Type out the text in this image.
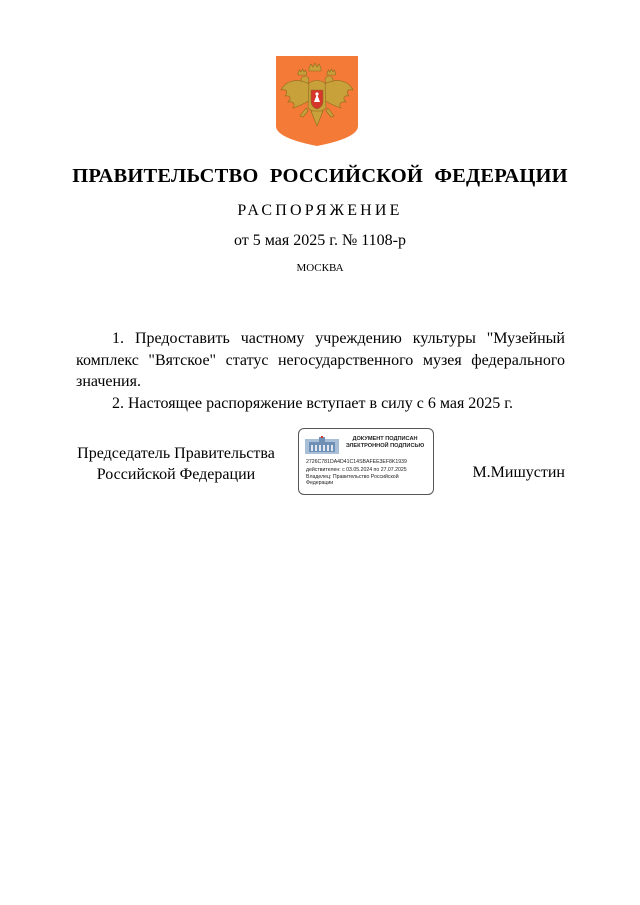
ПРАВИТЕЛЬСТВО РОССИЙСКОЙ ФЕДЕРАЦИИ
РАСПОРЯЖЕНИЕ
от 5 мая 2025 г. № 1108-р
МОСКВА

1. Предоставить частному учреждению культуры "Музейный комплекс "Вятское" статус негосударственного музея федерального значения.

2. Настоящее распоряжение вступает в силу с 6 мая 2025 г.

Председатель Правительства
Российской Федерации
ДОКУМЕНТ ПОДПИСАН
ЭЛЕКТРОННОЙ ПОДПИСЬЮ
2726C781DA4D41C14SBAFEE3EF8K1939
действителен: с 03.05.2024 по 27.07.2025
Владелец: Правительство Российской
Федерации
М.Мишустин
